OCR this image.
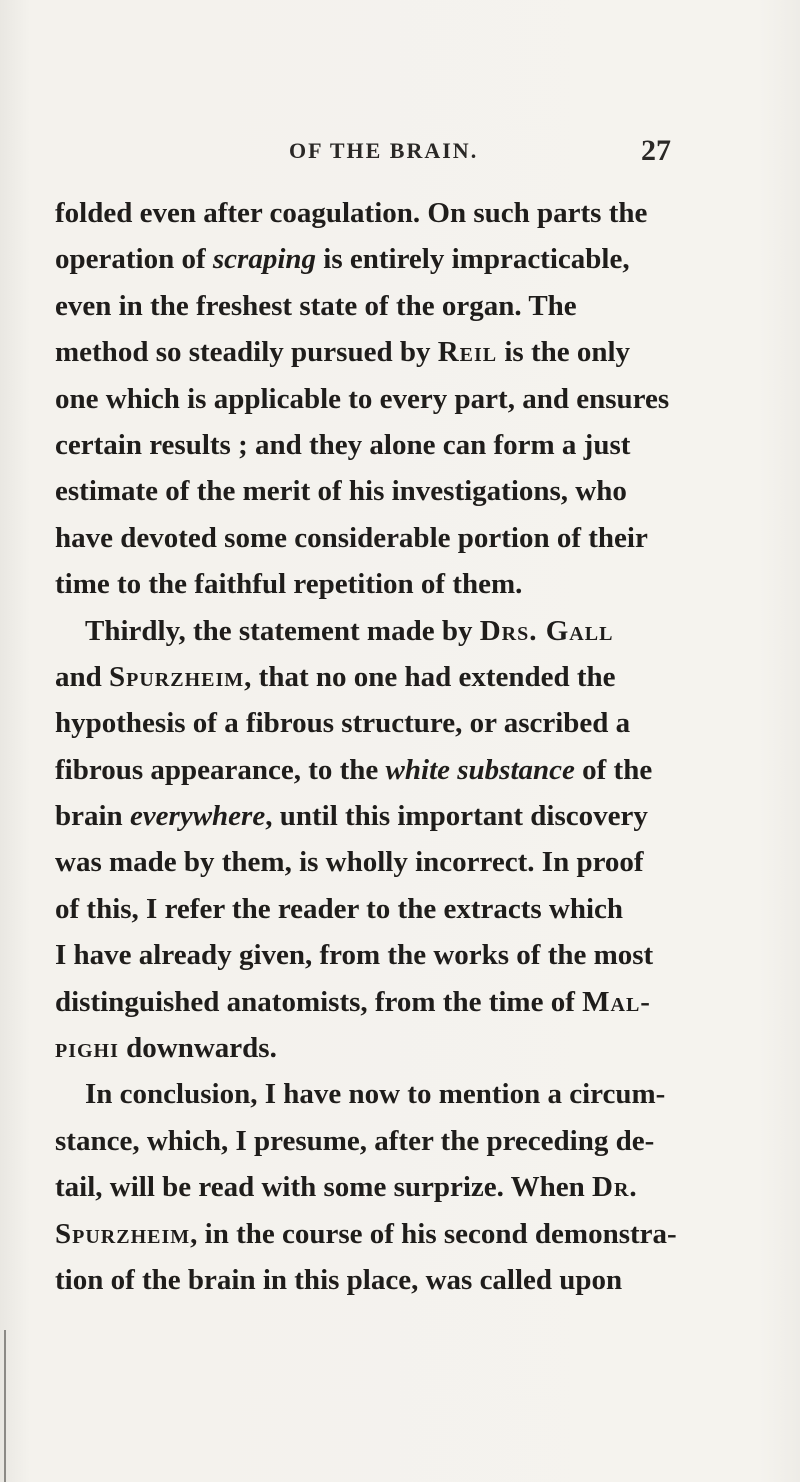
OF THE BRAIN.	27
folded even after coagulation. On such parts the
operation of scraping is entirely impracticable,
even in the freshest state of the organ. The
method so steadily pursued by Reil is the only
one which is applicable to every part, and ensures
certain results ; and they alone can form a just
estimate of the merit of his investigations, who
have devoted some considerable portion of their
time to the faithful repetition of them.
Thirdly, the statement made by Drs. Gall
and Spurzheim, that no one had extended the
hypothesis of a fibrous structure, or ascribed a
fibrous appearance, to the white substance of the
brain everywhere, until this important discovery
was made by them, is wholly incorrect. In proof
of this, I refer the reader to the extracts which
I have already given, from the works of the most
distinguished anatomists, from the time of Mal-
pighi downwards.
In conclusion, I have now to mention a circum-
stance, which, I presume, after the preceding de-
tail, will be read with some surprize. When Dr.
Spurzheim, in the course of his second demonstra-
tion of the brain in this place, was called upon
